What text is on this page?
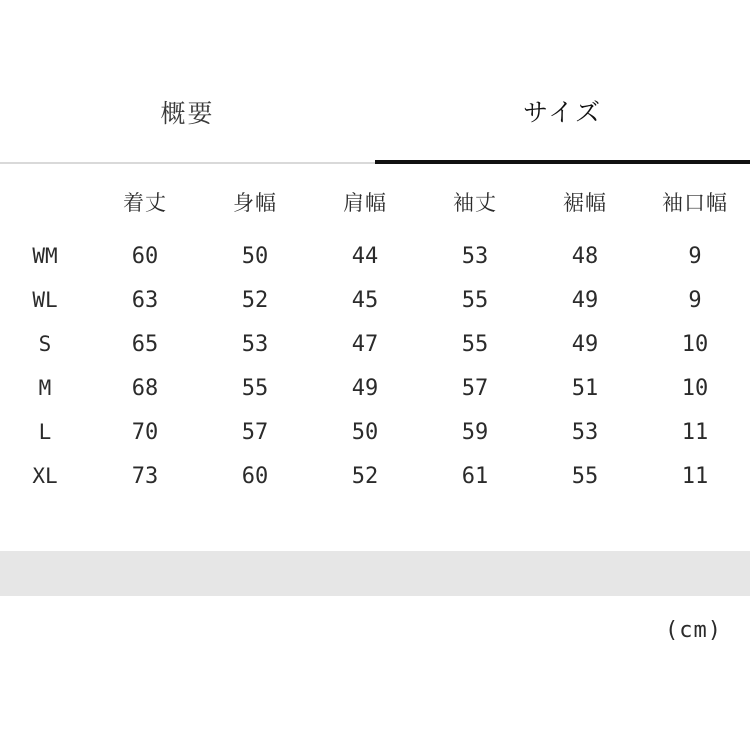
概要	サイズ
	着丈	身幅	肩幅	袖丈	裾幅	袖口幅
WM	60	50	44	53	48	9
WL	63	52	45	55	49	9
S	65	53	47	55	49	10
M	68	55	49	57	51	10
L	70	57	50	59	53	11
XL	73	60	52	61	55	11
(cm)
